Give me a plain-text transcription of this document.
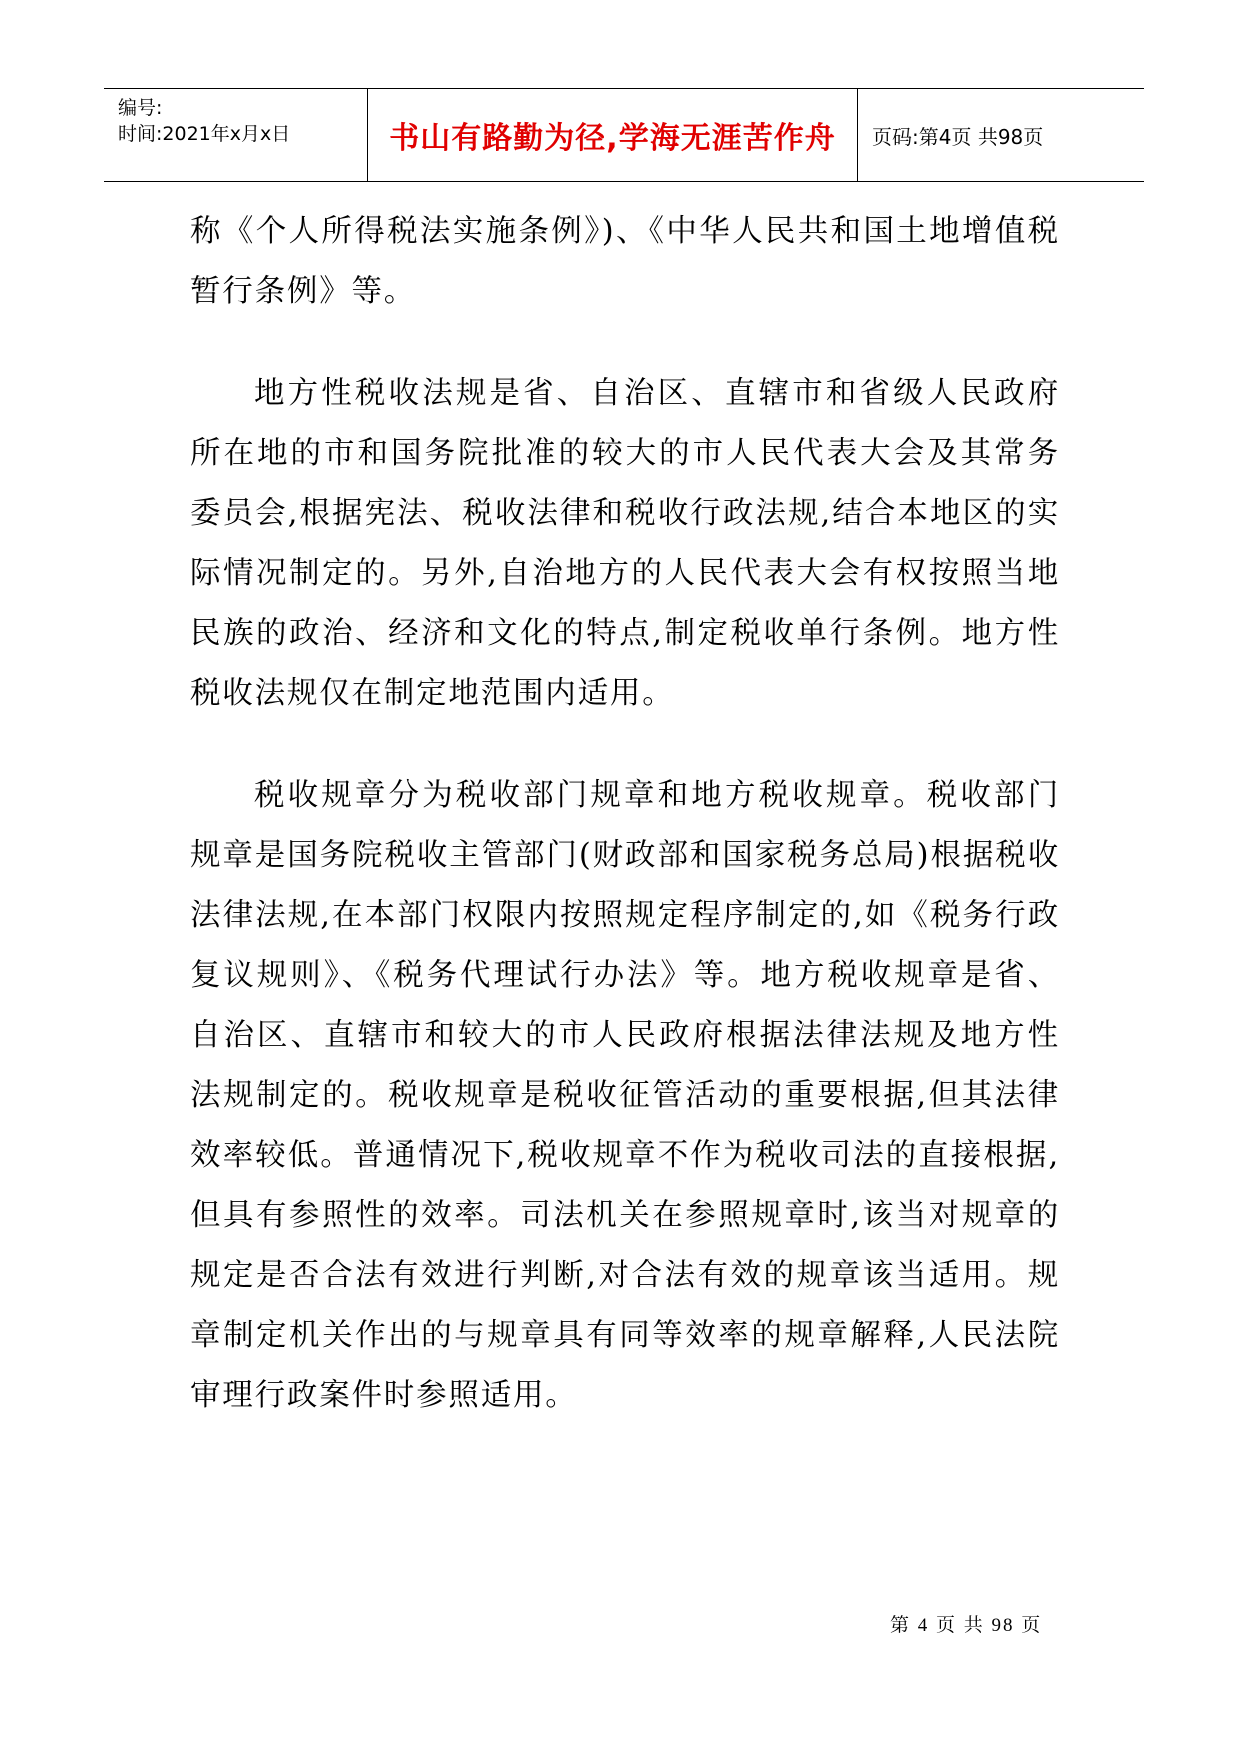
编号:
时间:2021年x月x日	书山有路勤为径,学海无涯苦作舟	页码:第4页 共98页

称《个人所得税法实施条例》)、《中华人民共和国土地增值税暂行条例》等。

地方性税收法规是省、自治区、直辖市和省级人民政府所在地的市和国务院批准的较大的市人民代表大会及其常务委员会,根据宪法、税收法律和税收行政法规,结合本地区的实际情况制定的。另外,自治地方的人民代表大会有权按照当地民族的政治、经济和文化的特点,制定税收单行条例。地方性税收法规仅在制定地范围内适用。

税收规章分为税收部门规章和地方税收规章。税收部门规章是国务院税收主管部门(财政部和国家税务总局)根据税收法律法规,在本部门权限内按照规定程序制定的,如《税务行政复议规则》、《税务代理试行办法》等。地方税收规章是省、自治区、直辖市和较大的市人民政府根据法律法规及地方性法规制定的。税收规章是税收征管活动的重要根据,但其法律效率较低。普通情况下,税收规章不作为税收司法的直接根据,但具有参照性的效率。司法机关在参照规章时,该当对规章的规定是否合法有效进行判断,对合法有效的规章该当适用。规章制定机关作出的与规章具有同等效率的规章解释,人民法院审理行政案件时参照适用。

第 4 页 共 98 页
